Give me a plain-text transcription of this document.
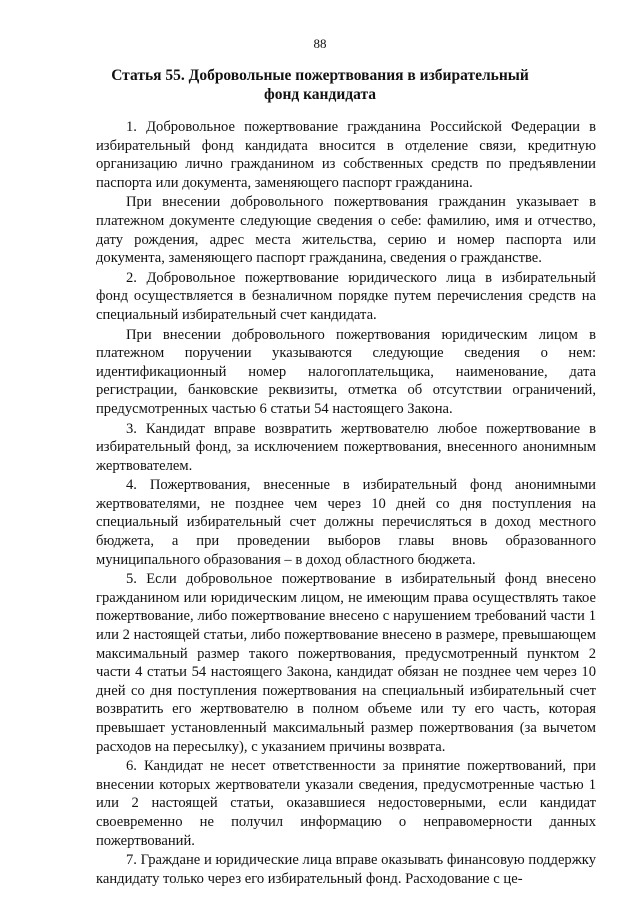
88
Статья 55. Добровольные пожертвования в избирательный фонд кандидата

1. Добровольное пожертвование гражданина Российской Федерации в избирательный фонд кандидата вносится в отделение связи, кредитную организацию лично гражданином из собственных средств по предъявлении паспорта или документа, заменяющего паспорт гражданина.

При внесении добровольного пожертвования гражданин указывает в платежном документе следующие сведения о себе: фамилию, имя и отчество, дату рождения, адрес места жительства, серию и номер паспорта или документа, заменяющего паспорт гражданина, сведения о гражданстве.

2. Добровольное пожертвование юридического лица в избирательный фонд осуществляется в безналичном порядке путем перечисления средств на специальный избирательный счет кандидата.

При внесении добровольного пожертвования юридическим лицом в платежном поручении указываются следующие сведения о нем: идентификационный номер налогоплательщика, наименование, дата регистрации, банковские реквизиты, отметка об отсутствии ограничений, предусмотренных частью 6 статьи 54 настоящего Закона.

3. Кандидат вправе возвратить жертвователю любое пожертвование в избирательный фонд, за исключением пожертвования, внесенного анонимным жертвователем.

4. Пожертвования, внесенные в избирательный фонд анонимными жертвователями, не позднее чем через 10 дней со дня поступления на специальный избирательный счет должны перечисляться в доход местного бюджета, а при проведении выборов главы вновь образованного муниципального образования – в доход областного бюджета.

5. Если добровольное пожертвование в избирательный фонд внесено гражданином или юридическим лицом, не имеющим права осуществлять такое пожертвование, либо пожертвование внесено с нарушением требований части 1 или 2 настоящей статьи, либо пожертвование внесено в размере, превышающем максимальный размер такого пожертвования, предусмотренный пунктом 2 части 4 статьи 54 настоящего Закона, кандидат обязан не позднее чем через 10 дней со дня поступления пожертвования на специальный избирательный счет возвратить его жертвователю в полном объеме или ту его часть, которая превышает установленный максимальный размер пожертвования (за вычетом расходов на пересылку), с указанием причины возврата.

6. Кандидат не несет ответственности за принятие пожертвований, при внесении которых жертвователи указали сведения, предусмотренные частью 1 или 2 настоящей статьи, оказавшиеся недостоверными, если кандидат своевременно не получил информацию о неправомерности данных пожертвований.

7. Граждане и юридические лица вправе оказывать финансовую поддержку кандидату только через его избирательный фонд. Расходование с це-
